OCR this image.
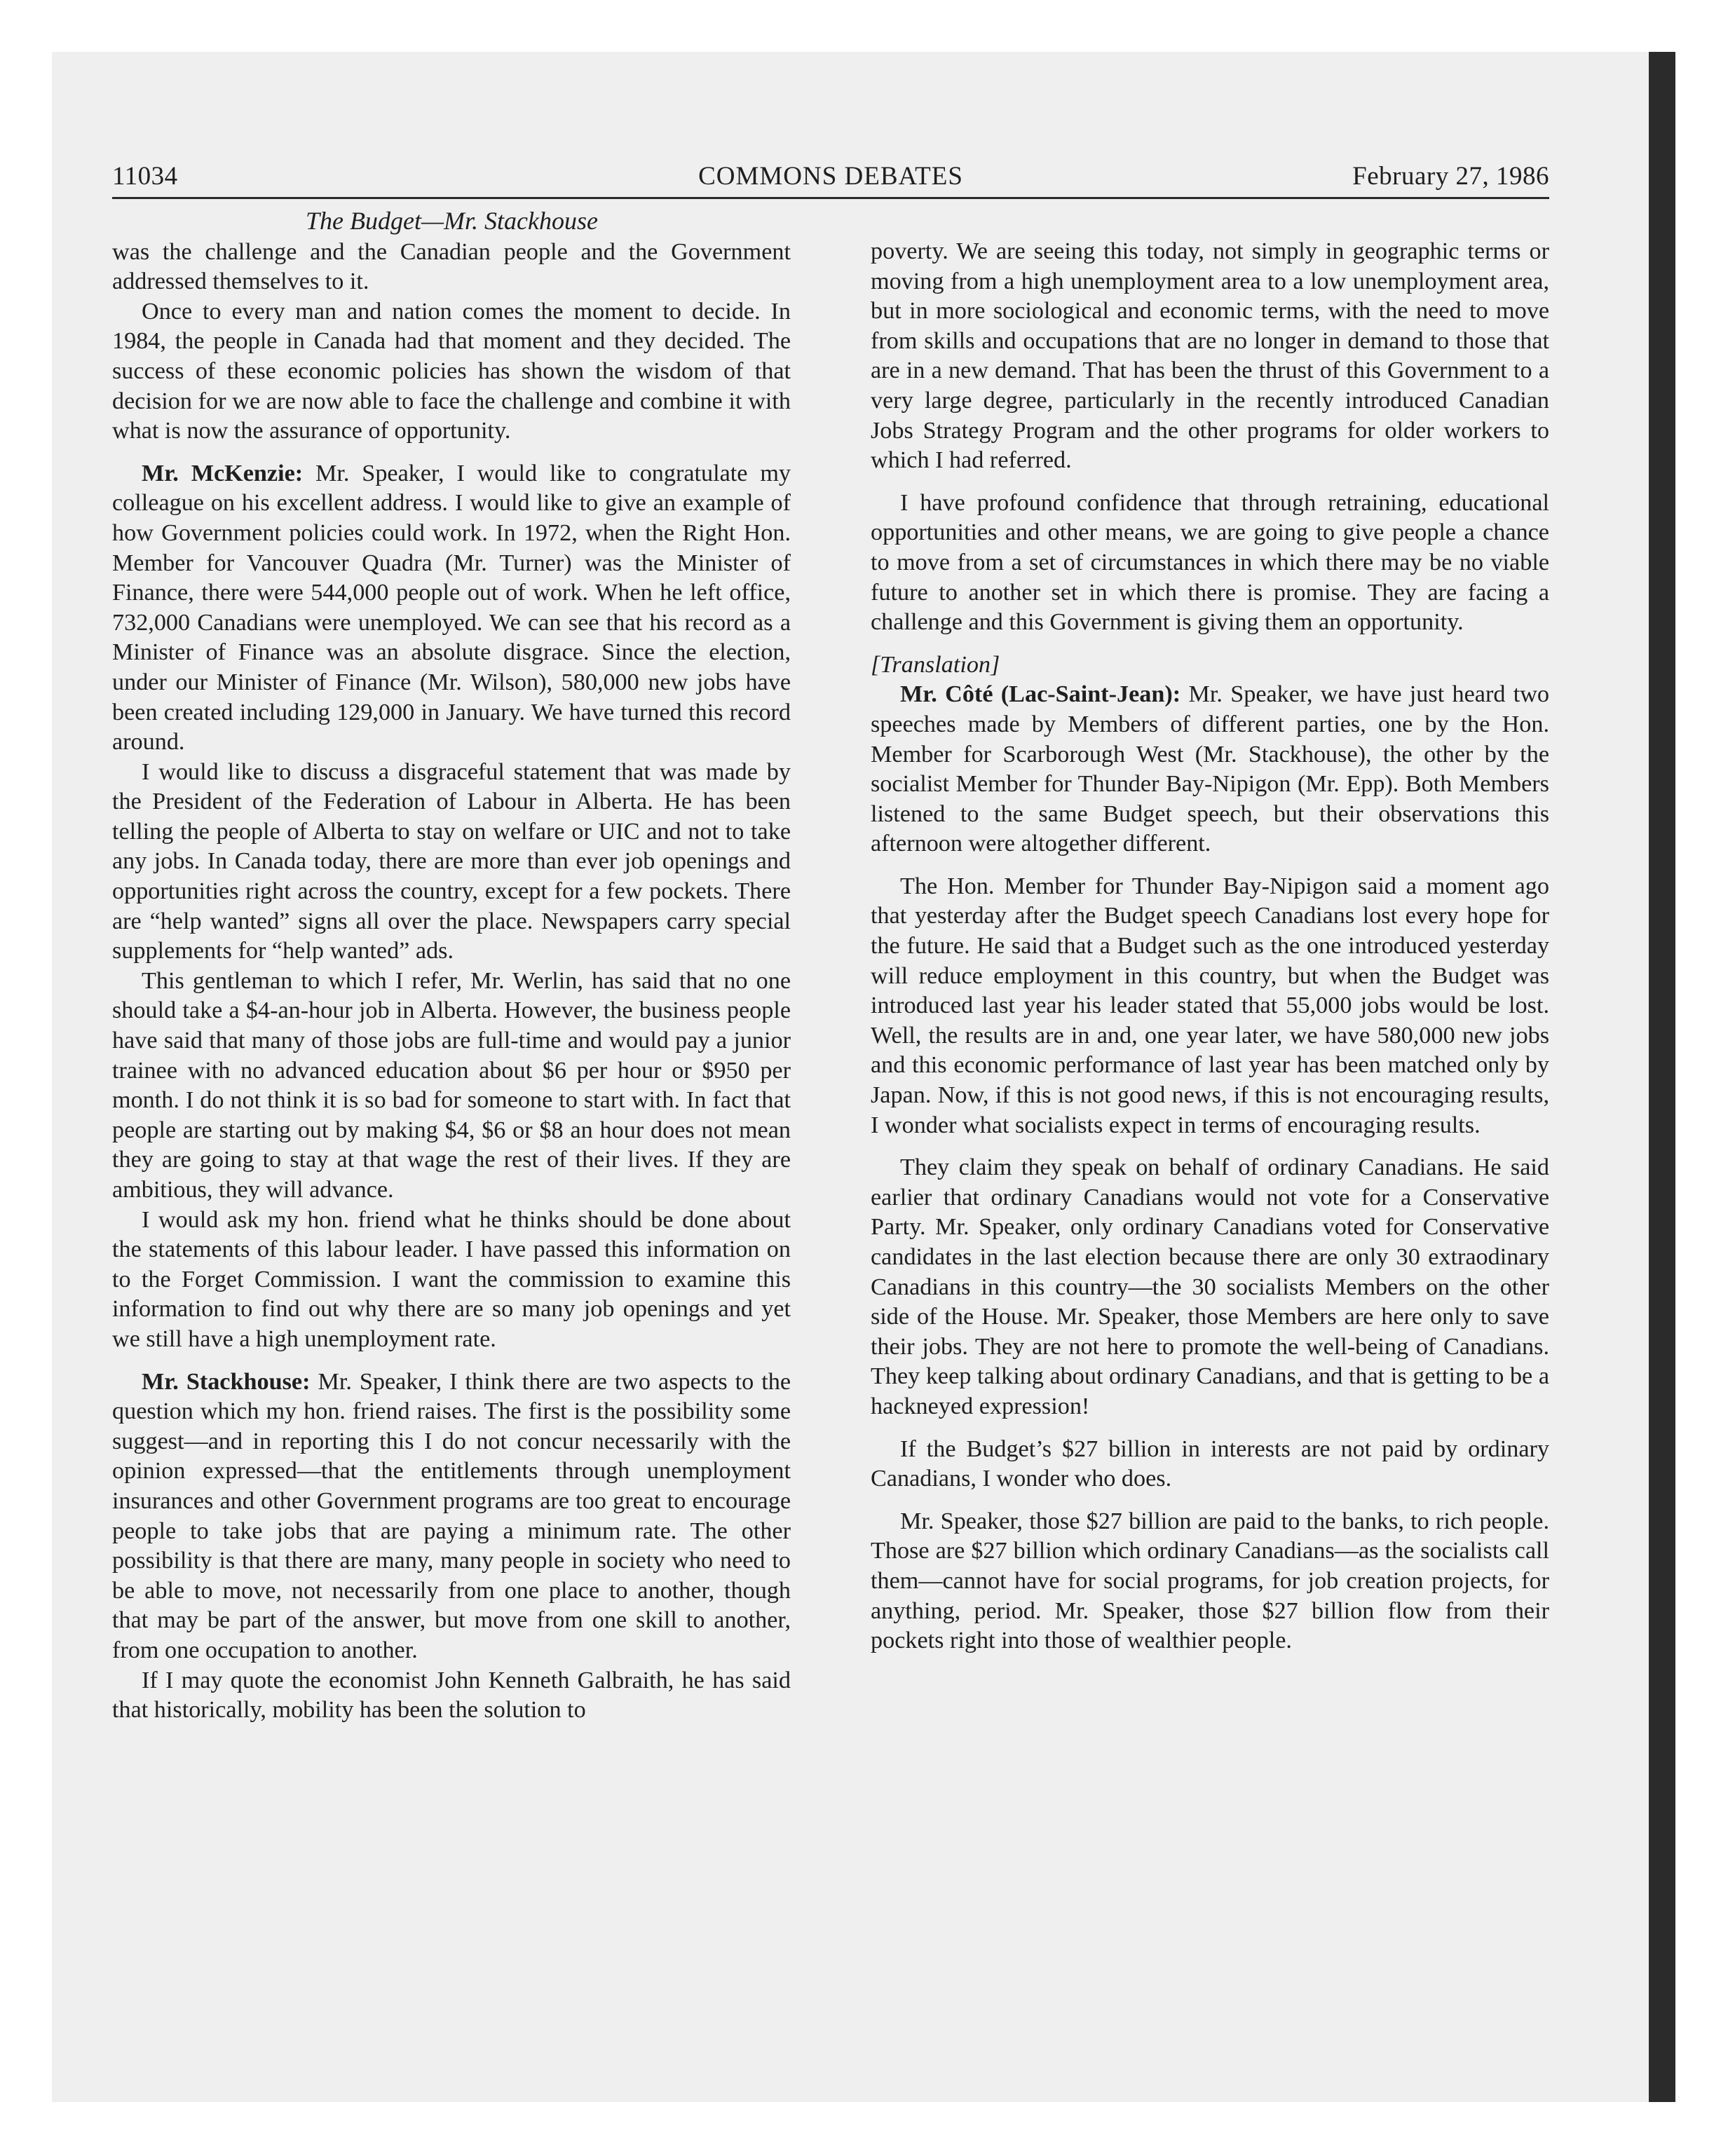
11034	COMMONS DEBATES	February 27, 1986
The Budget—Mr. Stackhouse

was the challenge and the Canadian people and the Government addressed themselves to it.

Once to every man and nation comes the moment to decide. In 1984, the people in Canada had that moment and they decided. The success of these economic policies has shown the wisdom of that decision for we are now able to face the challenge and combine it with what is now the assurance of opportunity.

Mr. McKenzie: Mr. Speaker, I would like to congratulate my colleague on his excellent address. I would like to give an example of how Government policies could work. In 1972, when the Right Hon. Member for Vancouver Quadra (Mr. Turner) was the Minister of Finance, there were 544,000 people out of work. When he left office, 732,000 Canadians were unemployed. We can see that his record as a Minister of Finance was an absolute disgrace. Since the election, under our Minister of Finance (Mr. Wilson), 580,000 new jobs have been created including 129,000 in January. We have turned this record around.

I would like to discuss a disgraceful statement that was made by the President of the Federation of Labour in Alberta. He has been telling the people of Alberta to stay on welfare or UIC and not to take any jobs. In Canada today, there are more than ever job openings and opportunities right across the country, except for a few pockets. There are “help wanted” signs all over the place. Newspapers carry special supplements for “help wanted” ads.

This gentleman to which I refer, Mr. Werlin, has said that no one should take a $4-an-hour job in Alberta. However, the business people have said that many of those jobs are full-time and would pay a junior trainee with no advanced education about $6 per hour or $950 per month. I do not think it is so bad for someone to start with. In fact that people are starting out by making $4, $6 or $8 an hour does not mean they are going to stay at that wage the rest of their lives. If they are ambitious, they will advance.

I would ask my hon. friend what he thinks should be done about the statements of this labour leader. I have passed this information on to the Forget Commission. I want the commission to examine this information to find out why there are so many job openings and yet we still have a high unemployment rate.

Mr. Stackhouse: Mr. Speaker, I think there are two aspects to the question which my hon. friend raises. The first is the possibility some suggest—and in reporting this I do not concur necessarily with the opinion expressed—that the entitlements through unemployment insurances and other Government programs are too great to encourage people to take jobs that are paying a minimum rate. The other possibility is that there are many, many people in society who need to be able to move, not necessarily from one place to another, though that may be part of the answer, but move from one skill to another, from one occupation to another.

If I may quote the economist John Kenneth Galbraith, he has said that historically, mobility has been the solution to

poverty. We are seeing this today, not simply in geographic terms or moving from a high unemployment area to a low unemployment area, but in more sociological and economic terms, with the need to move from skills and occupations that are no longer in demand to those that are in a new demand. That has been the thrust of this Government to a very large degree, particularly in the recently introduced Canadian Jobs Strategy Program and the other programs for older workers to which I had referred.

I have profound confidence that through retraining, educational opportunities and other means, we are going to give people a chance to move from a set of circumstances in which there may be no viable future to another set in which there is promise. They are facing a challenge and this Government is giving them an opportunity.

[Translation]

Mr. Côté (Lac-Saint-Jean): Mr. Speaker, we have just heard two speeches made by Members of different parties, one by the Hon. Member for Scarborough West (Mr. Stackhouse), the other by the socialist Member for Thunder Bay-Nipigon (Mr. Epp). Both Members listened to the same Budget speech, but their observations this afternoon were altogether different.

The Hon. Member for Thunder Bay-Nipigon said a moment ago that yesterday after the Budget speech Canadians lost every hope for the future. He said that a Budget such as the one introduced yesterday will reduce employment in this country, but when the Budget was introduced last year his leader stated that 55,000 jobs would be lost. Well, the results are in and, one year later, we have 580,000 new jobs and this economic performance of last year has been matched only by Japan. Now, if this is not good news, if this is not encouraging results, I wonder what socialists expect in terms of encouraging results.

They claim they speak on behalf of ordinary Canadians. He said earlier that ordinary Canadians would not vote for a Conservative Party. Mr. Speaker, only ordinary Canadians voted for Conservative candidates in the last election because there are only 30 extraodinary Canadians in this country—the 30 socialists Members on the other side of the House. Mr. Speaker, those Members are here only to save their jobs. They are not here to promote the well-being of Canadians. They keep talking about ordinary Canadians, and that is getting to be a hackneyed expression!

If the Budget’s $27 billion in interests are not paid by ordinary Canadians, I wonder who does.

Mr. Speaker, those $27 billion are paid to the banks, to rich people. Those are $27 billion which ordinary Canadians—as the socialists call them—cannot have for social programs, for job creation projects, for anything, period. Mr. Speaker, those $27 billion flow from their pockets right into those of wealthier people.
